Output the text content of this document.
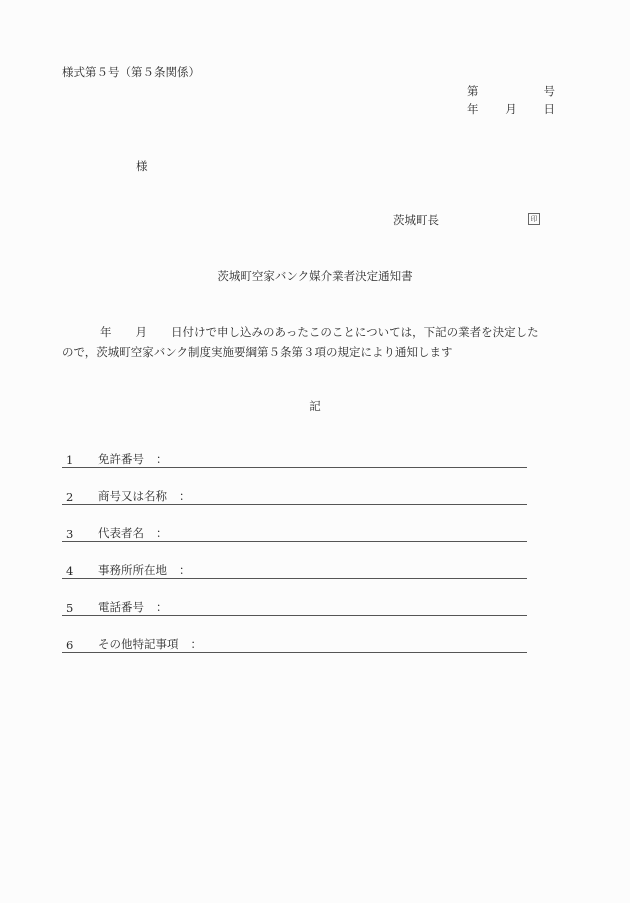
様式第５号（第５条関係）
第	号
年 月 日
様
茨城町長	印
茨城町空家バンク媒介業者決定通知書
年 月 日付けで申し込みのあったこのことについては，下記の業者を決定した
ので，茨城町空家バンク制度実施要綱第５条第３項の規定により通知します
記
1	免許番号 ：
2	商号又は名称 ：
3	代表者名 ：
4	事務所所在地 ：
5	電話番号 ：
6	その他特記事項 ：
